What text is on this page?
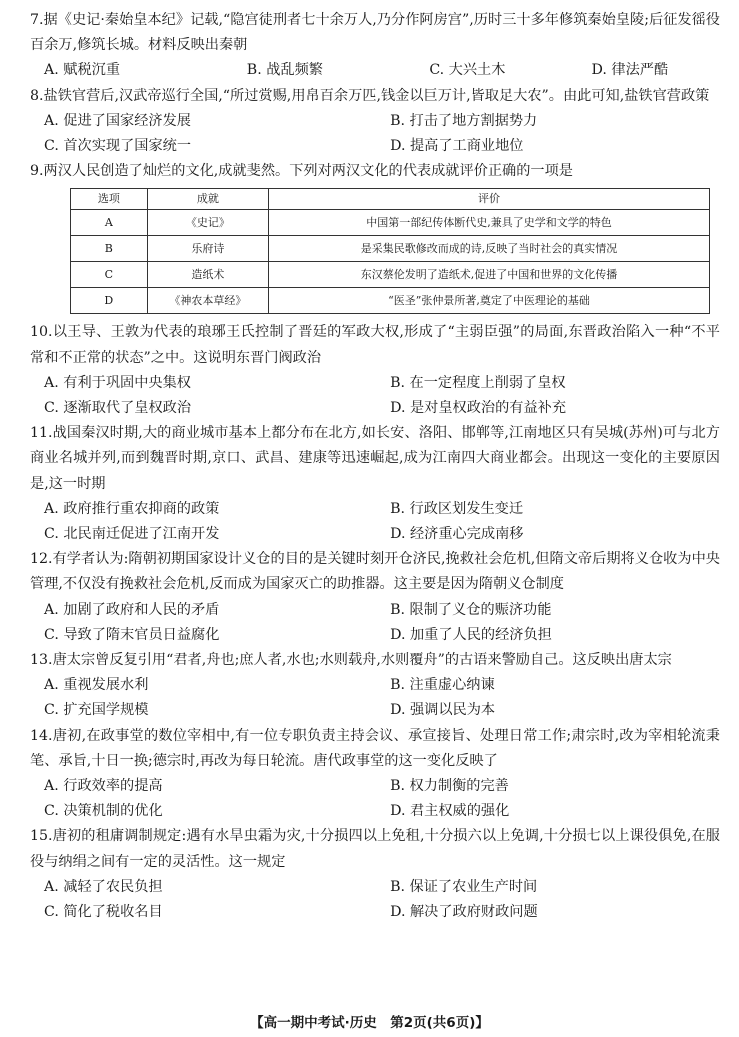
7.据《史记·秦始皇本纪》记载,“隐宫徒刑者七十余万人,乃分作阿房宫”,历时三十多年修筑秦始皇陵;后征发徭役百余万,修筑长城。材料反映出秦朝

A. 赋税沉重	B. 战乱频繁	C. 大兴土木	D. 律法严酷

8.盐铁官营后,汉武帝巡行全国,“所过赏赐,用帛百余万匹,钱金以巨万计,皆取足大农”。由此可知,盐铁官营政策

A. 促进了国家经济发展	B. 打击了地方割据势力
C. 首次实现了国家统一	D. 提高了工商业地位

9.两汉人民创造了灿烂的文化,成就斐然。下列对两汉文化的代表成就评价正确的一项是

选项	成就	评价
A	《史记》	中国第一部纪传体断代史,兼具了史学和文学的特色
B	乐府诗	是采集民歌修改而成的诗,反映了当时社会的真实情况
C	造纸术	东汉蔡伦发明了造纸术,促进了中国和世界的文化传播
D	《神农本草经》	“医圣”张仲景所著,奠定了中医理论的基础

10.以王导、王敦为代表的琅琊王氏控制了晋廷的军政大权,形成了“主弱臣强”的局面,东晋政治陷入一种“不平常和不正常的状态”之中。这说明东晋门阀政治

A. 有利于巩固中央集权	B. 在一定程度上削弱了皇权
C. 逐渐取代了皇权政治	D. 是对皇权政治的有益补充

11.战国秦汉时期,大的商业城市基本上都分布在北方,如长安、洛阳、邯郸等,江南地区只有吴城(苏州)可与北方商业名城并列,而到魏晋时期,京口、武昌、建康等迅速崛起,成为江南四大商业都会。出现这一变化的主要原因是,这一时期

A. 政府推行重农抑商的政策	B. 行政区划发生变迁
C. 北民南迁促进了江南开发	D. 经济重心完成南移

12.有学者认为:隋朝初期国家设计义仓的目的是关键时刻开仓济民,挽救社会危机,但隋文帝后期将义仓收为中央管理,不仅没有挽救社会危机,反而成为国家灭亡的助推器。这主要是因为隋朝义仓制度

A. 加剧了政府和人民的矛盾	B. 限制了义仓的赈济功能
C. 导致了隋末官员日益腐化	D. 加重了人民的经济负担

13.唐太宗曾反复引用“君者,舟也;庶人者,水也;水则载舟,水则覆舟”的古语来警励自己。这反映出唐太宗

A. 重视发展水利	B. 注重虚心纳谏
C. 扩充国学规模	D. 强调以民为本

14.唐初,在政事堂的数位宰相中,有一位专职负责主持会议、承宣接旨、处理日常工作;肃宗时,改为宰相轮流秉笔、承旨,十日一换;德宗时,再改为每日轮流。唐代政事堂的这一变化反映了

A. 行政效率的提高	B. 权力制衡的完善
C. 决策机制的优化	D. 君主权威的强化

15.唐初的租庸调制规定:遇有水旱虫霜为灾,十分损四以上免租,十分损六以上免调,十分损七以上课役俱免,在服役与纳绢之间有一定的灵活性。这一规定

A. 减轻了农民负担	B. 保证了农业生产时间
C. 简化了税收名目	D. 解决了政府财政问题
【高一期中考试·历史　第2页(共6页)】
